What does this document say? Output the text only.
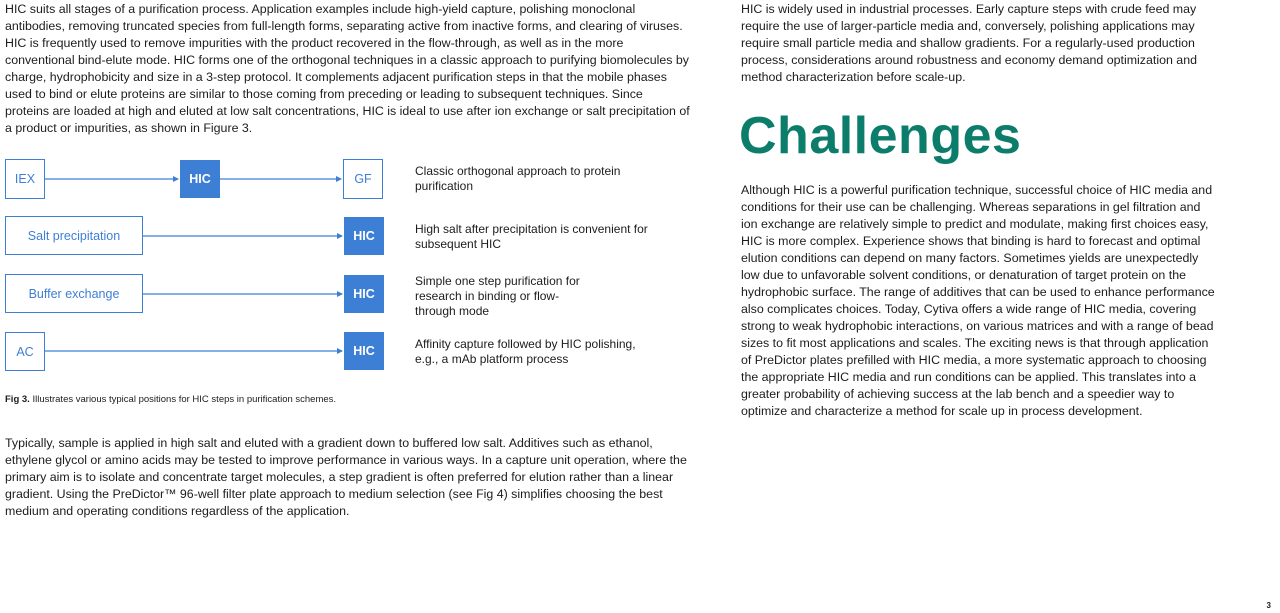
HIC suits all stages of a purification process. Application examples include high-yield capture, polishing monoclonal antibodies, removing truncated species from full-length forms, separating active from inactive forms, and clearing of viruses. HIC is frequently used to remove impurities with the product recovered in the flow-through, as well as in the more conventional bind-elute mode. HIC forms one of the orthogonal techniques in a classic approach to purifying biomolecules by charge, hydrophobicity and size in a 3-step protocol. It complements adjacent purification steps in that the mobile phases used to bind or elute proteins are similar to those coming from preceding or leading to subsequent techniques. Since proteins are loaded at high and eluted at low salt concentrations, HIC is ideal to use after ion exchange or salt precipitation of a product or impurities, as shown in Figure 3.

IEX	HIC	GF
Classic orthogonal approach to protein purification
Salt precipitation	HIC	High salt after precipitation is convenient for subsequent HIC
Buffer exchange	HIC
Simple one step purification for research in binding or flow-through mode
AC	HIC	Affinity capture followed by HIC polishing, e.g., a mAb platform process
Fig 3. Illustrates various typical positions for HIC steps in purification schemes.

Typically, sample is applied in high salt and eluted with a gradient down to buffered low salt. Additives such as ethanol, ethylene glycol or amino acids may be tested to improve performance in various ways. In a capture unit operation, where the primary aim is to isolate and concentrate target molecules, a step gradient is often preferred for elution rather than a linear gradient. Using the PreDictor™ 96-well filter plate approach to medium selection (see Fig 4) simplifies choosing the best medium and operating conditions regardless of the application.

HIC is widely used in industrial processes. Early capture steps with crude feed may require the use of larger-particle media and, conversely, polishing applications may require small particle media and shallow gradients. For a regularly-used production process, considerations around robustness and economy demand optimization and method characterization before scale-up.

Challenges

Although HIC is a powerful purification technique, successful choice of HIC media and conditions for their use can be challenging. Whereas separations in gel filtration and ion exchange are relatively simple to predict and modulate, making first choices easy, HIC is more complex. Experience shows that binding is hard to forecast and optimal elution conditions can depend on many factors. Sometimes yields are unexpectedly low due to unfavorable solvent conditions, or denaturation of target protein on the hydrophobic surface. The range of additives that can be used to enhance performance also complicates choices. Today, Cytiva offers a wide range of HIC media, covering strong to weak hydrophobic interactions, on various matrices and with a range of bead sizes to fit most applications and scales. The exciting news is that through application of PreDictor plates prefilled with HIC media, a more systematic approach to choosing the appropriate HIC media and run conditions can be applied. This translates into a greater probability of achieving success at the lab bench and a speedier way to optimize and characterize a method for scale up in process development.

3
